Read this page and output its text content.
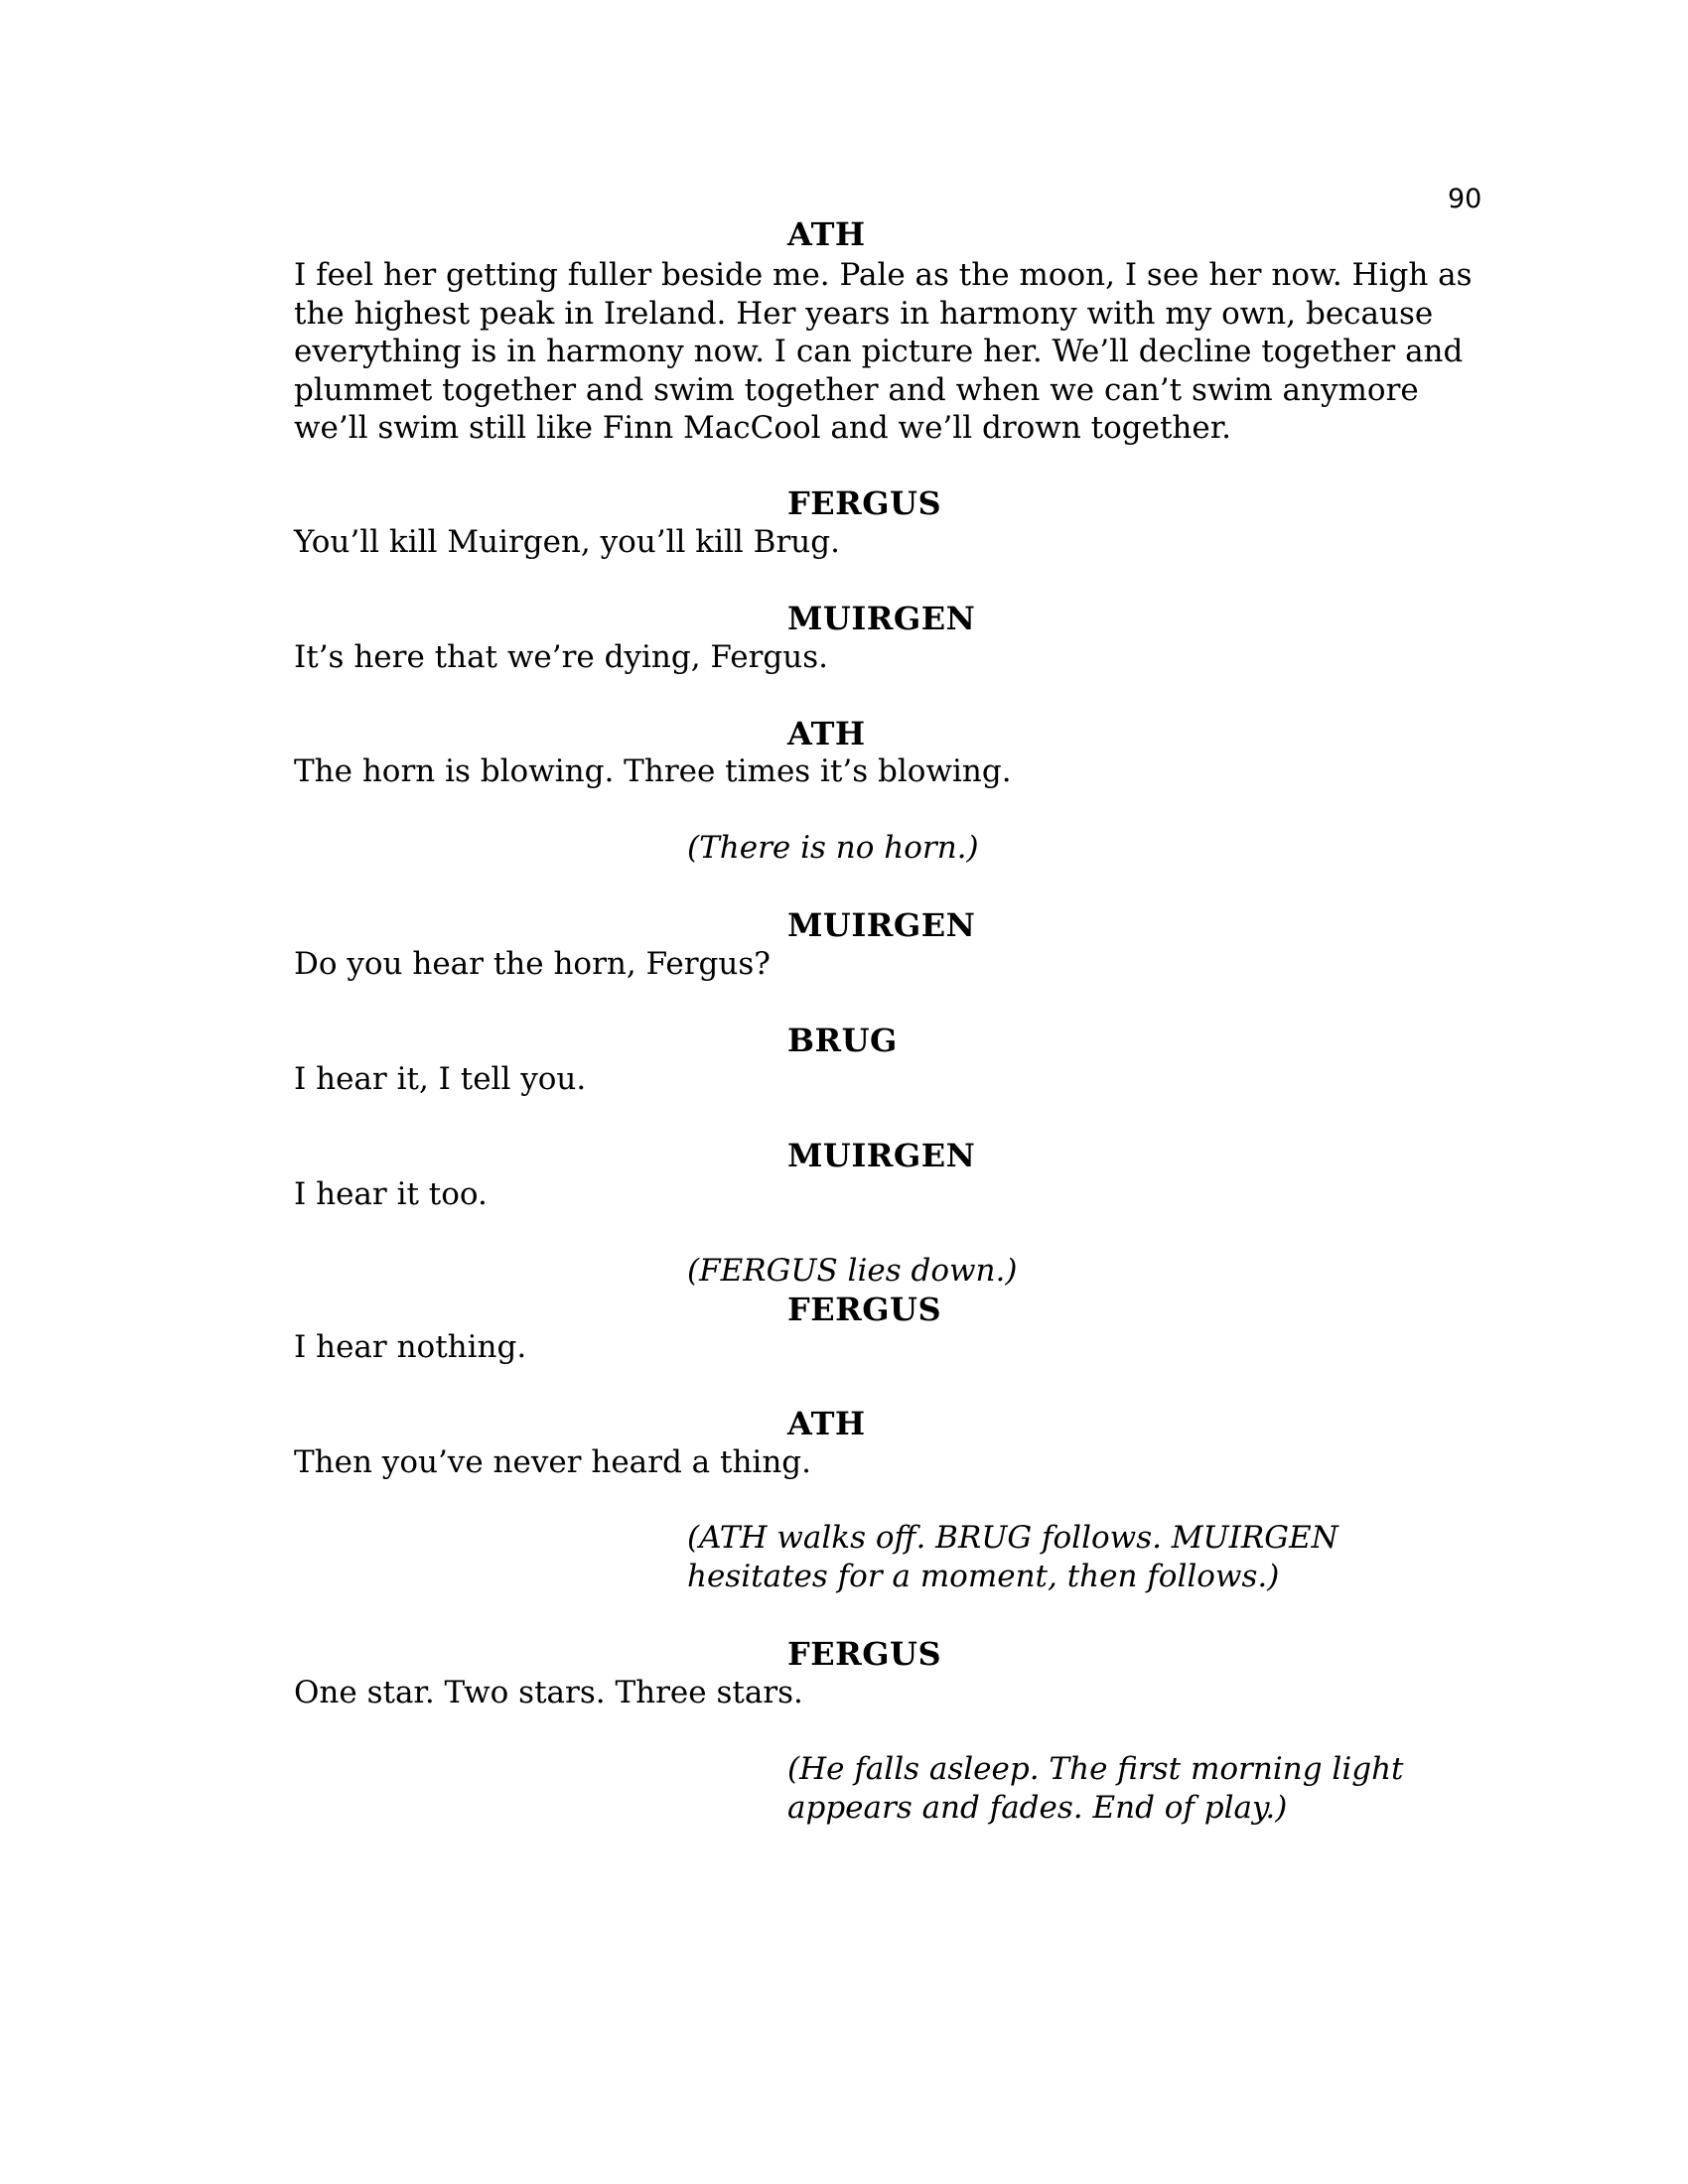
90
ATH
I feel her getting fuller beside me. Pale as the moon, I see her now. High as the highest peak in Ireland. Her years in harmony with my own, because everything is in harmony now. I can picture her. We’ll decline together and plummet together and swim together and when we can’t swim anymore we’ll swim still like Finn MacCool and we’ll drown together.
FERGUS
You’ll kill Muirgen, you’ll kill Brug.
MUIRGEN
It’s here that we’re dying, Fergus.
ATH
The horn is blowing. Three times it’s blowing.
(There is no horn.)
MUIRGEN
Do you hear the horn, Fergus?
BRUG
I hear it, I tell you.
MUIRGEN
I hear it too.
(FERGUS lies down.)
FERGUS
I hear nothing.
ATH
Then you’ve never heard a thing.
(ATH walks off. BRUG follows. MUIRGEN hesitates for a moment, then follows.)
FERGUS
One star. Two stars. Three stars.
(He falls asleep. The first morning light appears and fades. End of play.)
